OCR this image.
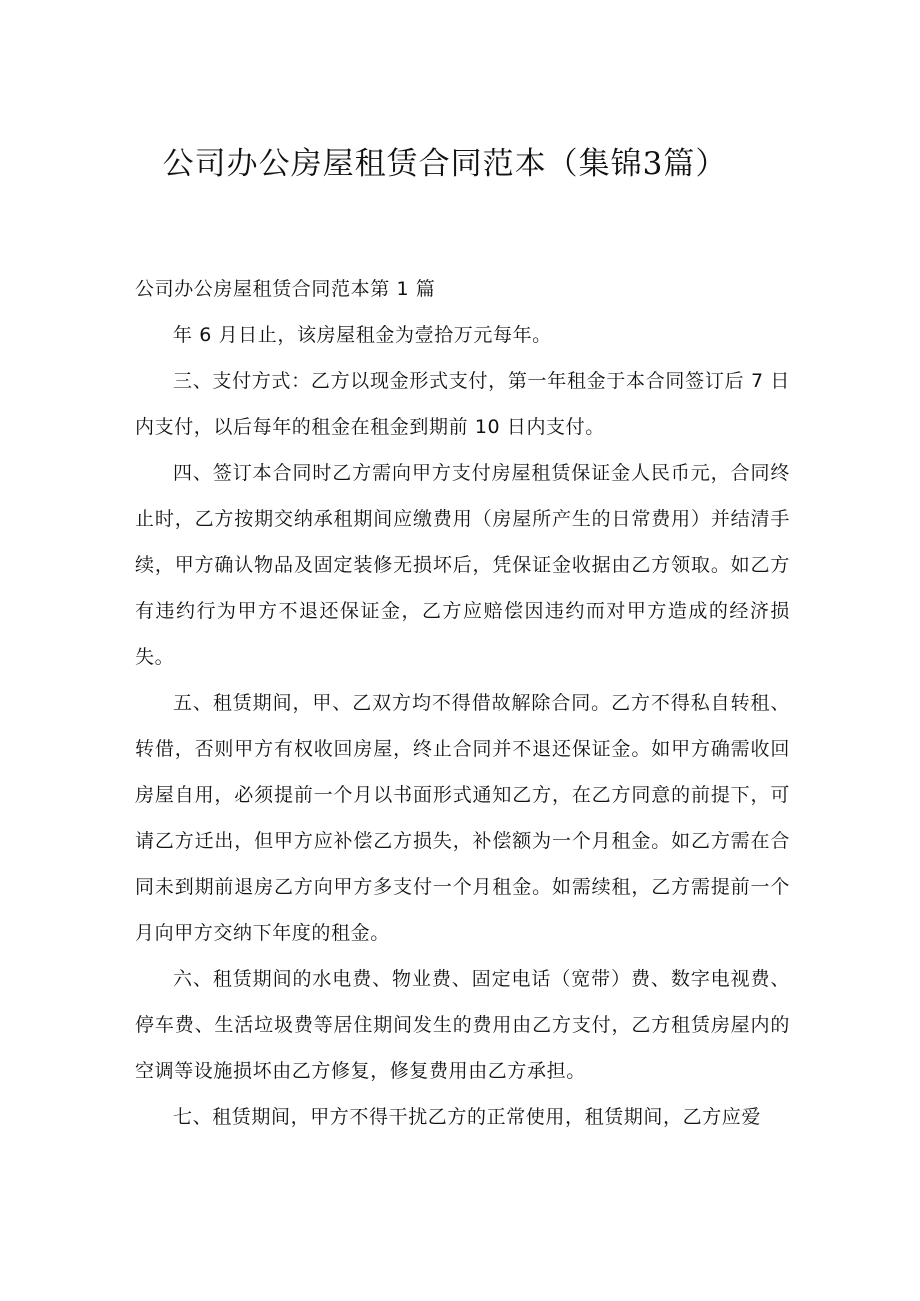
公司办公房屋租赁合同范本（集锦3篇）

公司办公房屋租赁合同范本第 1 篇

年 6 月日止，该房屋租金为壹拾万元每年。

三、支付方式：乙方以现金形式支付，第一年租金于本合同签订后 7 日内支付，以后每年的租金在租金到期前 10 日内支付。

四、签订本合同时乙方需向甲方支付房屋租赁保证金人民币元，合同终止时，乙方按期交纳承租期间应缴费用（房屋所产生的日常费用）并结清手续，甲方确认物品及固定装修无损坏后，凭保证金收据由乙方领取。如乙方有违约行为甲方不退还保证金，乙方应赔偿因违约而对甲方造成的经济损失。

五、租赁期间，甲、乙双方均不得借故解除合同。乙方不得私自转租、转借，否则甲方有权收回房屋，终止合同并不退还保证金。如甲方确需收回房屋自用，必须提前一个月以书面形式通知乙方，在乙方同意的前提下，可请乙方迁出，但甲方应补偿乙方损失，补偿额为一个月租金。如乙方需在合同未到期前退房乙方向甲方多支付一个月租金。如需续租，乙方需提前一个月向甲方交纳下年度的租金。

六、租赁期间的水电费、物业费、固定电话（宽带）费、数字电视费、停车费、生活垃圾费等居住期间发生的费用由乙方支付，乙方租赁房屋内的空调等设施损坏由乙方修复，修复费用由乙方承担。

七、租赁期间，甲方不得干扰乙方的正常使用，租赁期间，乙方应爱
